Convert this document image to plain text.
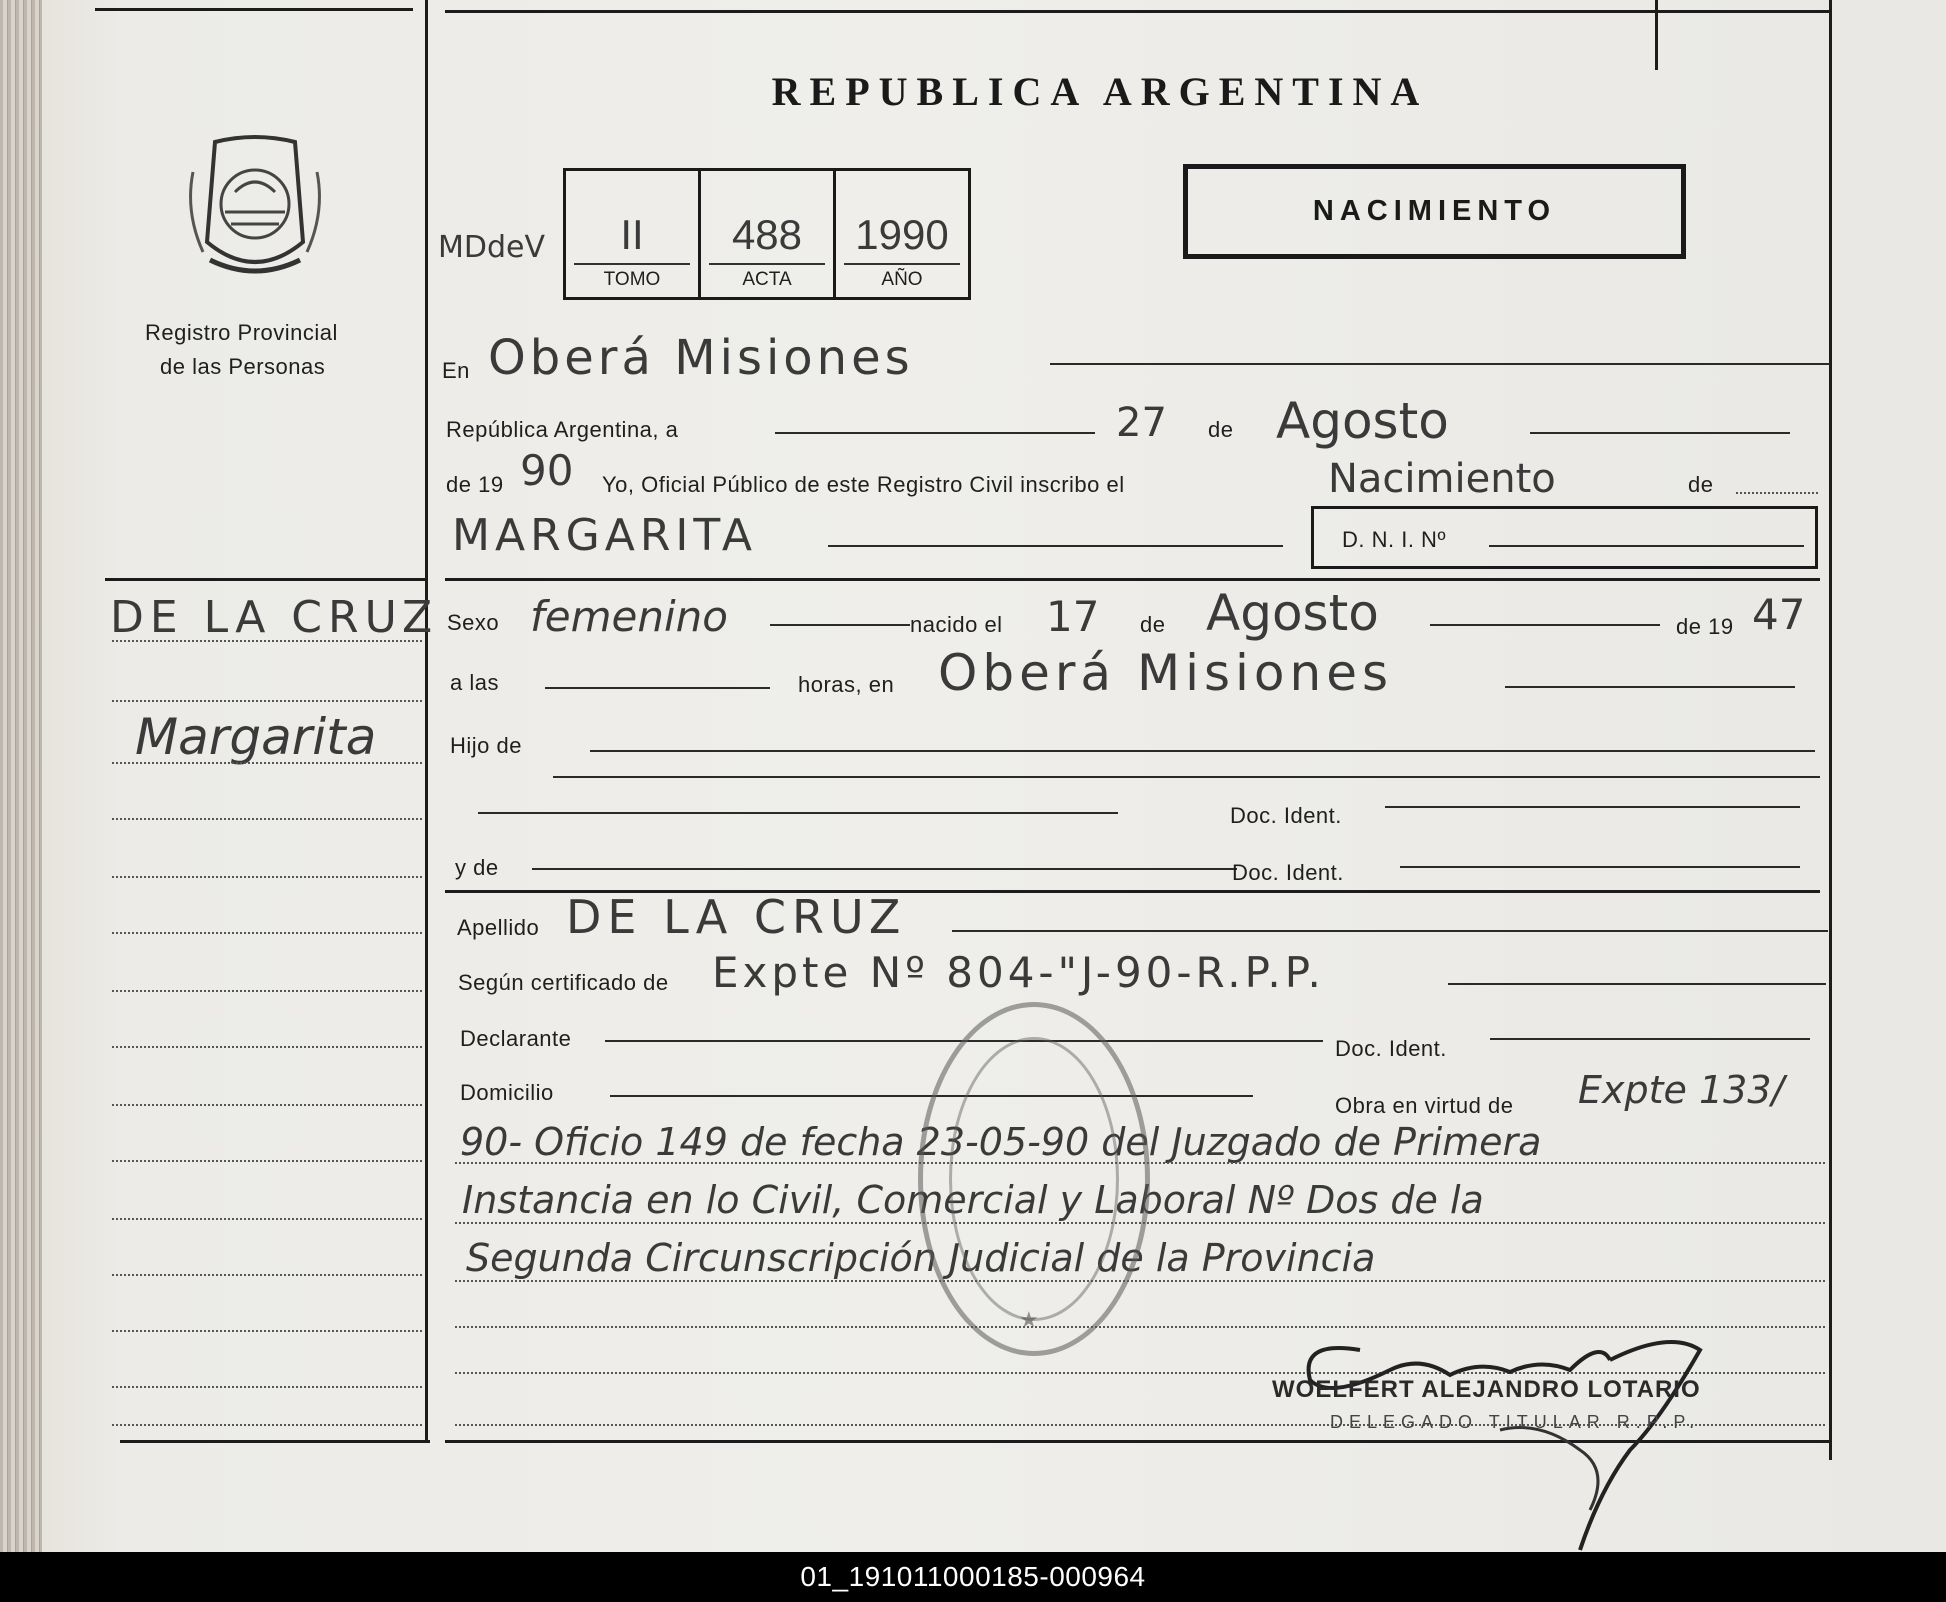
Registro Provincial
de las Personas
DE LA CRUZ
Margarita
REPUBLICA ARGENTINA
NACIMIENTO
MDdeV	II
TOMO
488
ACTA
1990
AÑO
En Oberá Misiones
República Argentina, a	27 de Agosto
de 19 90 Yo, Oficial Público de este Registro Civil inscribo el	Nacimiento	de
MARGARITA	D. N. I. Nº
Sexo femenino	nacido el 17 de Agosto	de 19 47
a las	horas, en Oberá Misiones
Hijo de
Doc. Ident.
y de	Doc. Ident.
Apellido DE LA CRUZ
Según certificado de Expte Nº 804-"J-90-R.P.P.
Declarante	Doc. Ident.
Domicilio
Obra en virtud de Expte 133/
90- Oficio 149 de fecha 23-05-90 del Juzgado de Primera
Instancia en lo Civil, Comercial y Laboral Nº Dos de la
Segunda Circunscripción Judicial de la Provincia
★
WOELFERT ALEJANDRO LOTARIO
DELEGADO TITULAR R.P.P.
01_191011000185-000964
